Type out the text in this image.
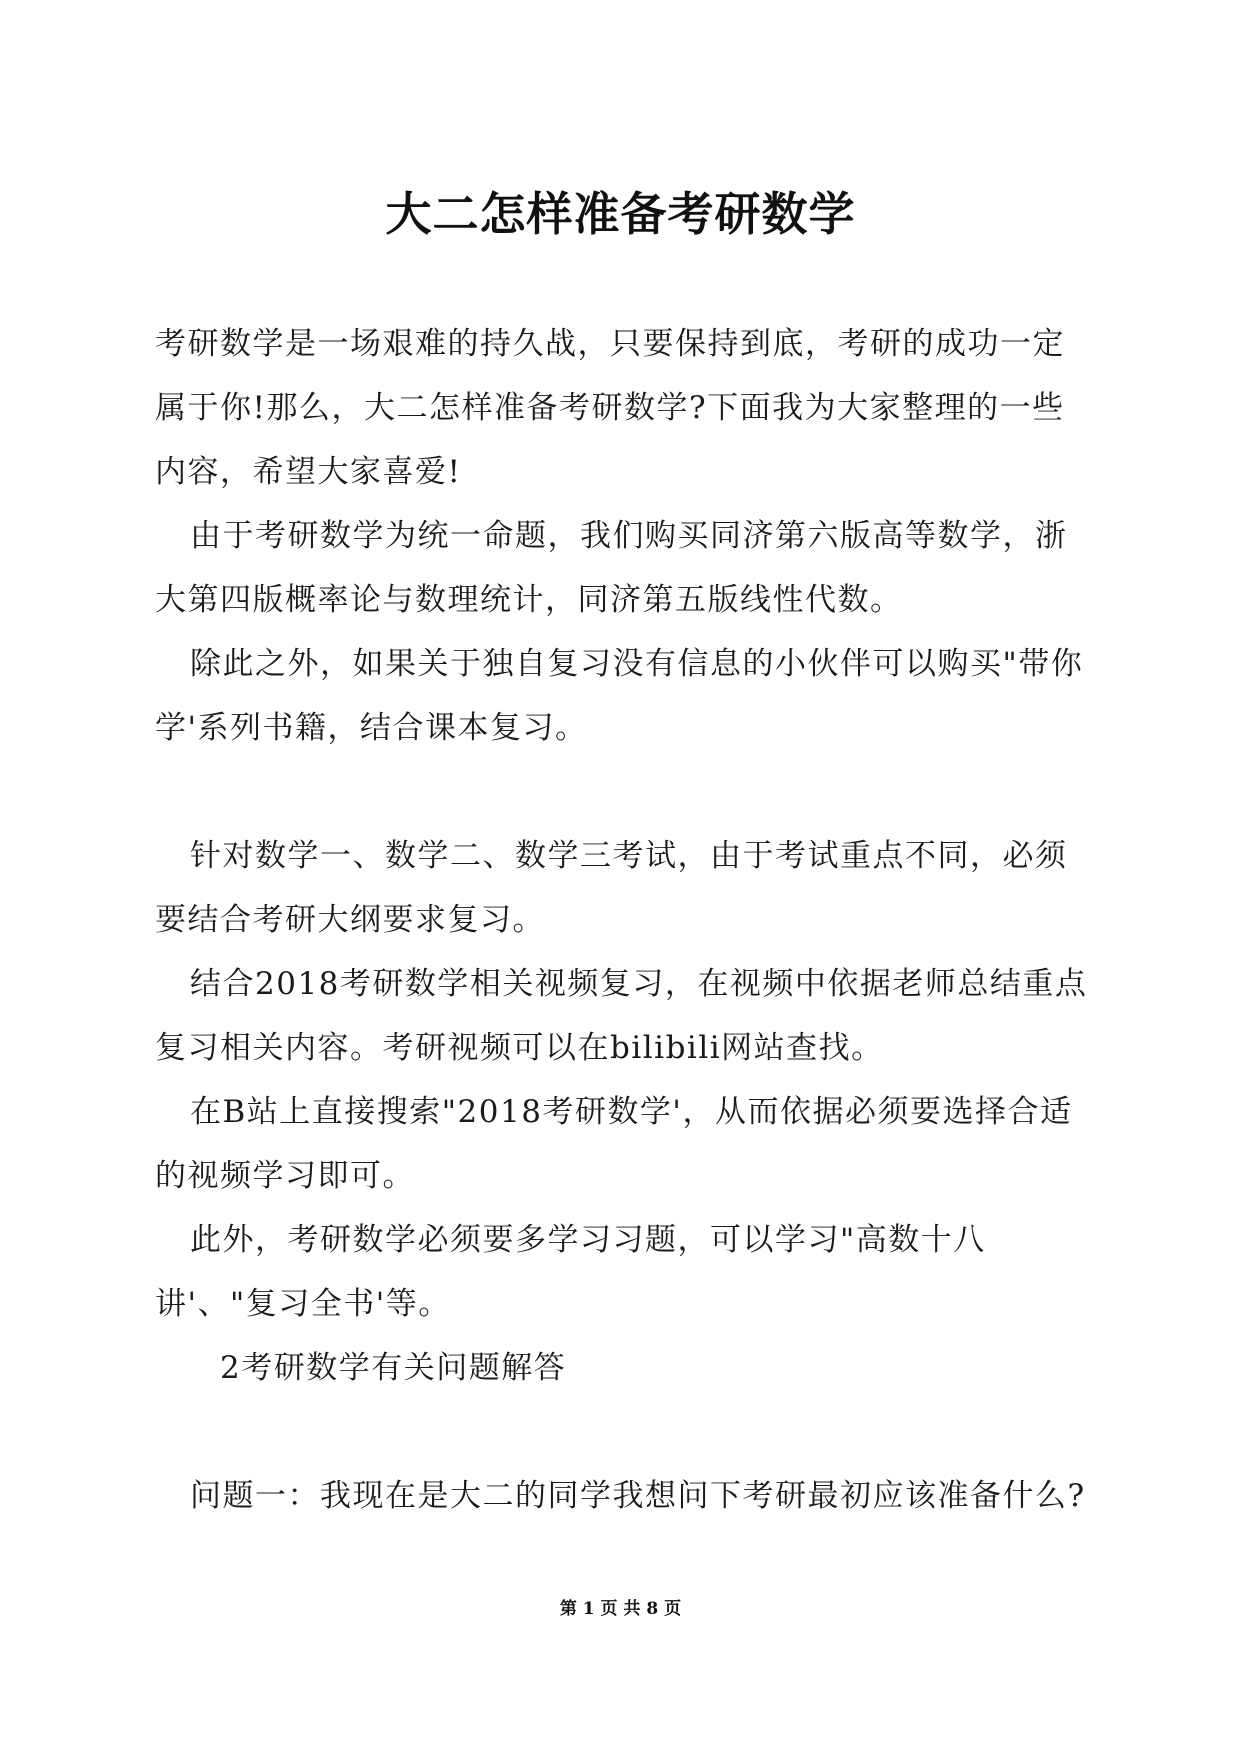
大二怎样准备考研数学

考研数学是一场艰难的持久战，只要保持到底，考研的成功一定属于你!那么，大二怎样准备考研数学?下面我为大家整理的一些内容，希望大家喜爱!

由于考研数学为统一命题，我们购买同济第六版高等数学，浙大第四版概率论与数理统计，同济第五版线性代数。

除此之外，如果关于独自复习没有信息的小伙伴可以购买"带你学'系列书籍，结合课本复习。

针对数学一、数学二、数学三考试，由于考试重点不同，必须要结合考研大纲要求复习。

结合2018考研数学相关视频复习，在视频中依据老师总结重点复习相关内容。考研视频可以在bilibili网站查找。

在B站上直接搜索"2018考研数学'，从而依据必须要选择合适的视频学习即可。

此外，考研数学必须要多学习习题，可以学习"高数十八讲'、"复习全书'等。

2考研数学有关问题解答

问题一：我现在是大二的同学我想问下考研最初应该准备什么?

第 1 页 共 8 页
